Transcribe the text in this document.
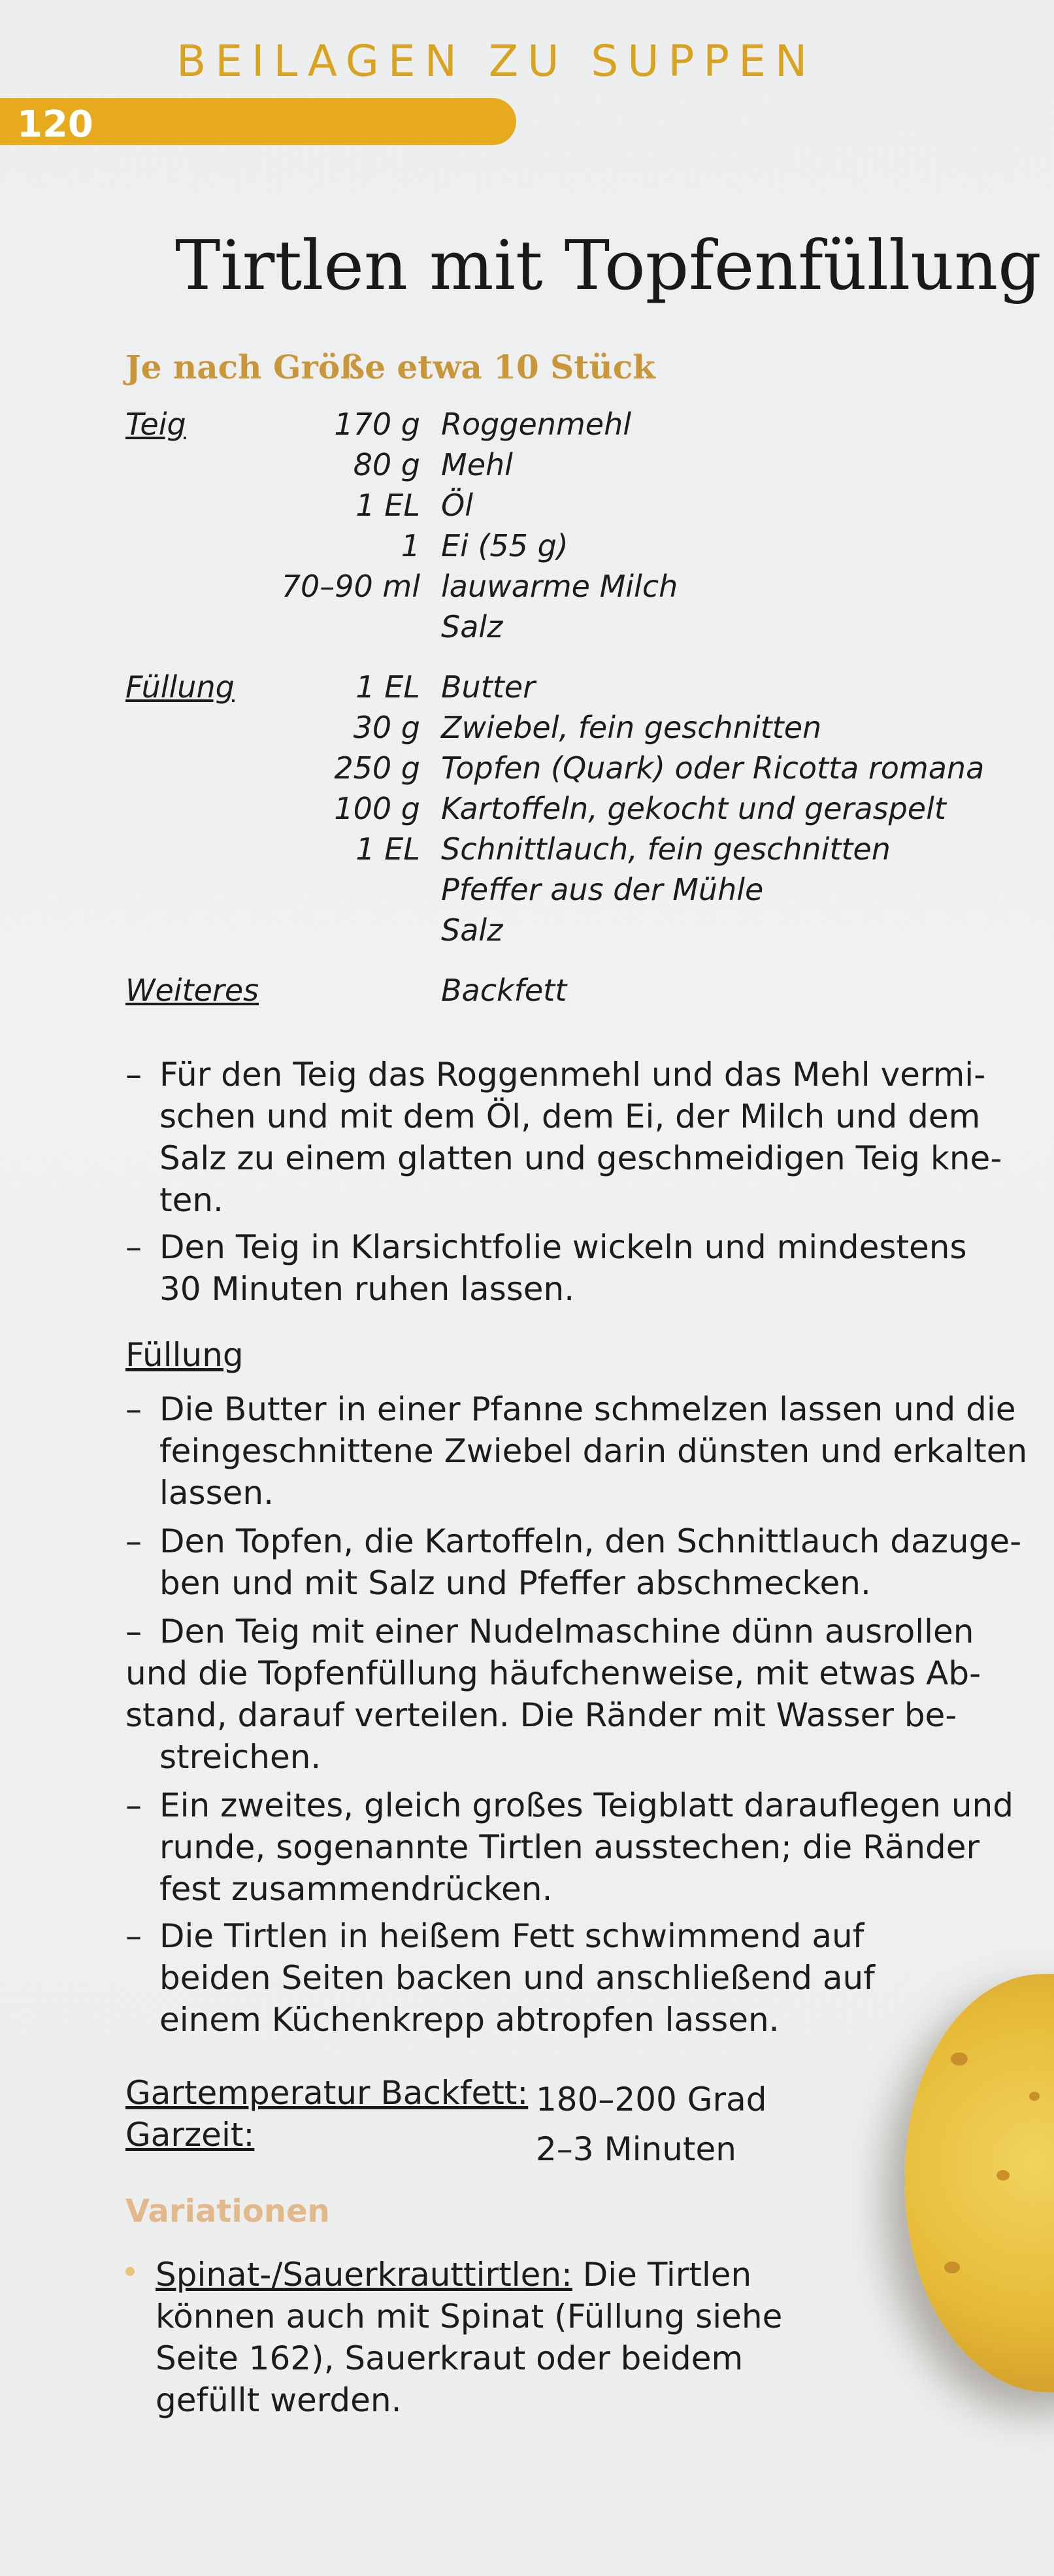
BEILAGEN ZU SUPPEN
120
Tirtlen mit Topfenfüllung
Je nach Größe etwa 10 Stück
Teig	170 g Roggenmehl
80 g Mehl
1 EL Öl
1 Ei (55 g)
70–90 ml lauwarme Milch
Salz
Füllung	1 EL Butter
30 g Zwiebel, fein geschnitten
250 g Topfen (Quark) oder Ricotta romana
100 g Kartoffeln, gekocht und geraspelt
1 EL Schnittlauch, fein geschnitten
Pfeffer aus der Mühle
Salz
Weiteres	Backfett
– Für den Teig das Roggenmehl und das Mehl vermi-
schen und mit dem Öl, dem Ei, der Milch und dem
Salz zu einem glatten und geschmeidigen Teig kne-
ten.
– Den Teig in Klarsichtfolie wickeln und mindestens
30 Minuten ruhen lassen.
Füllung
– Die Butter in einer Pfanne schmelzen lassen und die
feingeschnittene Zwiebel darin dünsten und erkalten
lassen.
– Den Topfen, die Kartoffeln, den Schnittlauch dazuge-
ben und mit Salz und Pfeffer abschmecken.
– Den Teig mit einer Nudelmaschine dünn ausrollen
und die Topfenfüllung häufchenweise, mit etwas Ab-
stand, darauf verteilen. Die Ränder mit Wasser be-
streichen.
– Ein zweites, gleich großes Teigblatt darauflegen und
runde, sogenannte Tirtlen ausstechen; die Ränder
fest zusammendrücken.
– Die Tirtlen in heißem Fett schwimmend auf
beiden Seiten backen und anschließend auf
einem Küchenkrepp abtropfen lassen.
Gartemperatur Backfett: 180–200 Grad
Garzeit:	2–3 Minuten
Variationen
Spinat-/Sauerkrauttirtlen: Die Tirtlen
können auch mit Spinat (Füllung siehe
Seite 162), Sauerkraut oder beidem
gefüllt werden.
